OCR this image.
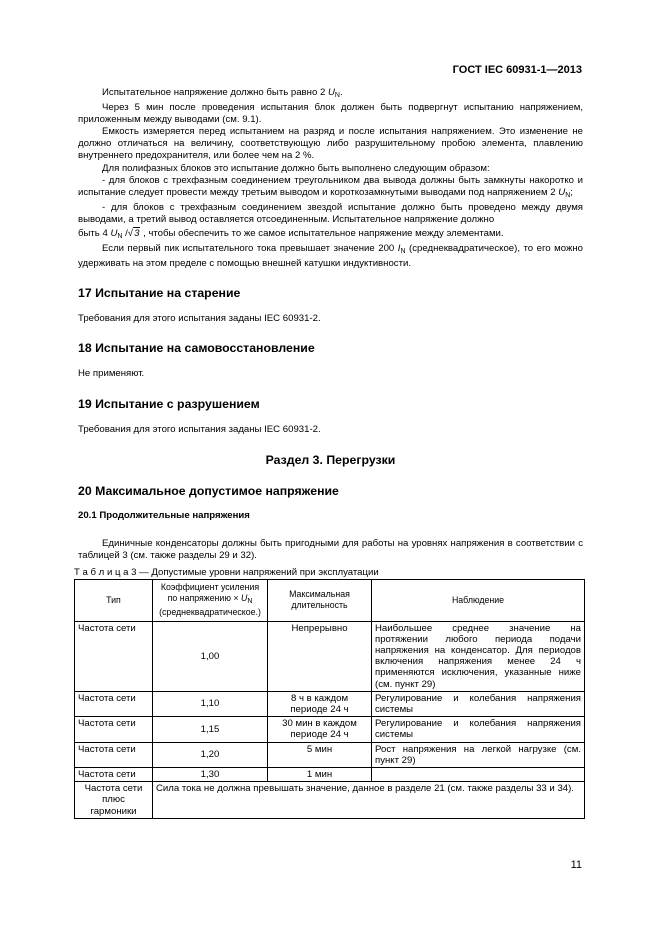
ГОСТ IEC 60931-1—2013

Испытательное напряжение должно быть равно 2 $U_N$.

Через 5 мин после проведения испытания блок должен быть подвергнут испытанию напряжением, приложенным между выводами (см. 9.1).

Емкость измеряется перед испытанием на разряд и после испытания напряжением. Это изменение не должно отличаться на величину, соответствующую либо разрушительному пробою элемента, плавлению внутреннего предохранителя, или более чем на 2 %.

Для полифазных блоков это испытание должно быть выполнено следующим образом:

- для блоков с трехфазным соединением треугольником два вывода должны быть замкнуты накоротко и испытание следует провести между третьим выводом и короткозамкнутыми выводами под напряжением 2 $U_N$;

- для блоков с трехфазным соединением звездой испытание должно быть проведено между двумя выводами, а третий вывод оставляется отсоединенным. Испытательное напряжение должно

быть 4 $U_N$ /√3 , чтобы обеспечить то же самое испытательное напряжение между элементами.

Если первый пик испытательного тока превышает значение 200 $I_N$ (среднеквадратическое), то его можно удерживать на этом пределе с помощью внешней катушки индуктивности.

17 Испытание на старение

Требования для этого испытания заданы IEC 60931-2.

18 Испытание на самовосстановление

Не применяют.

19 Испытание с разрушением

Требования для этого испытания заданы IEC 60931-2.

Раздел 3. Перегрузки
20 Максимальное допустимое напряжение

20.1 Продолжительные напряжения

Единичные конденсаторы должны быть пригодными для работы на уровнях напряжения в соответствии с таблицей 3 (см. также разделы 29 и 32).

Т а б л и ц а 3 — Допустимые уровни напряжений при эксплуатации

Тип	Коэффициент усиления по напряжению × $U_N$ (среднеквадратическое.)	Максимальная длительность	Наблюдение
Частота сети	1,00	Непрерывно	Наибольшее среднее значение на протяжении любого периода подачи напряжения на конденсатор. Для периодов включения напряжения менее 24 ч применяются исключения, указанные ниже (см. пункт 29)
Частота сети	1,10	8 ч в каждом периоде 24 ч	Регулирование и колебания напряжения системы
Частота сети	1,15	30 мин в каждом периоде 24 ч	Регулирование и колебания напряжения системы
Частота сети	1,20	5 мин	Рост напряжения на легкой нагрузке (см. пункт 29)
Частота сети	1,30	1 мин	
Частота сети плюс гармоники	Сила тока не должна превышать значение, данное в разделе 21 (см. также разделы 33 и 34).		
11
